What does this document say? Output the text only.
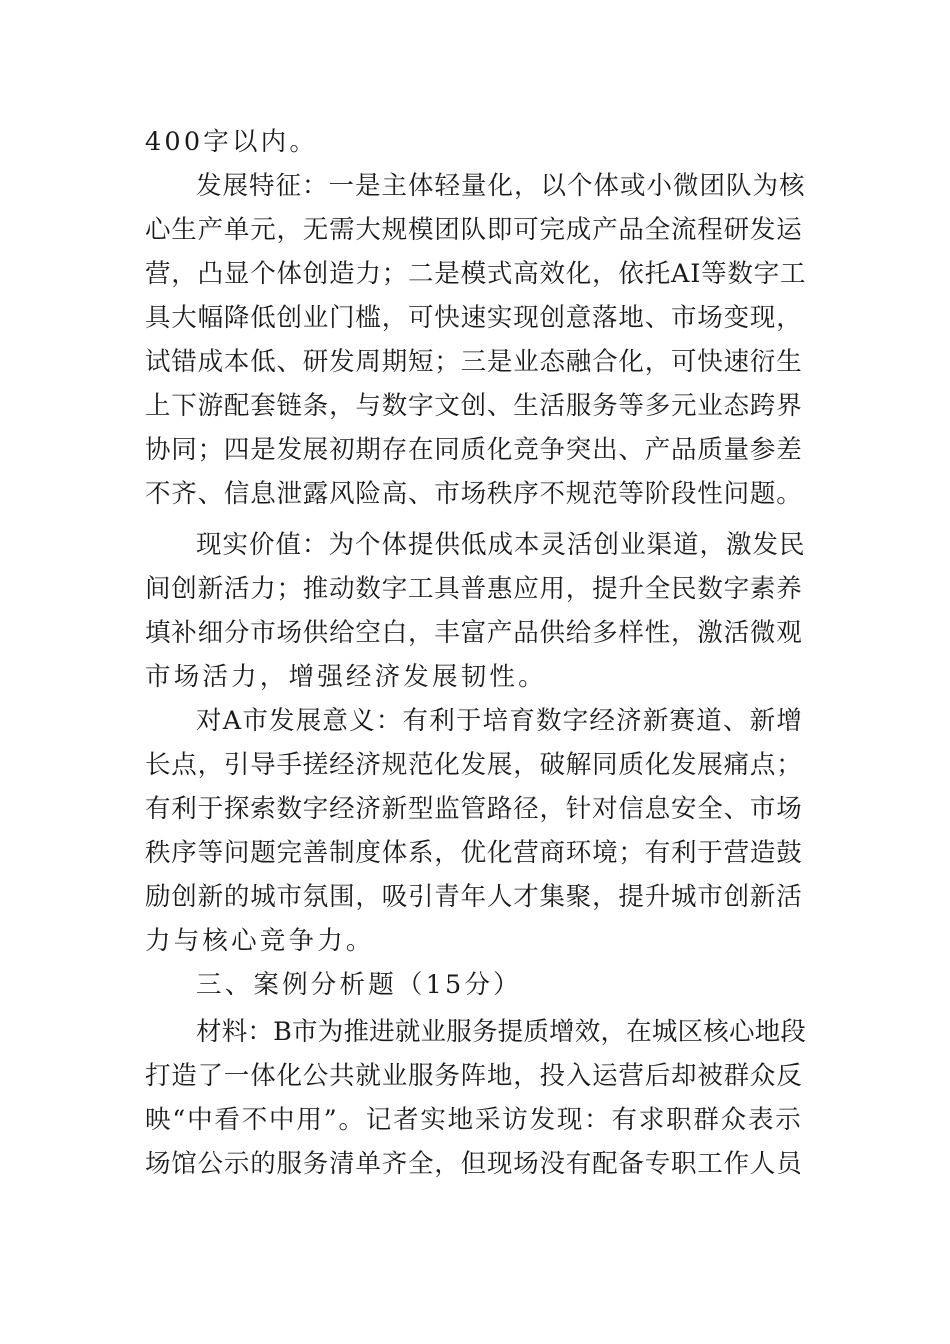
400字以内。
发展特征：一是主体轻量化，以个体或小微团队为核
心生产单元，无需大规模团队即可完成产品全流程研发运
营，凸显个体创造力；二是模式高效化，依托AI等数字工
具大幅降低创业门槛，可快速实现创意落地、市场变现，
试错成本低、研发周期短；三是业态融合化，可快速衍生
上下游配套链条，与数字文创、生活服务等多元业态跨界
协同；四是发展初期存在同质化竞争突出、产品质量参差
不齐、信息泄露风险高、市场秩序不规范等阶段性问题。
现实价值：为个体提供低成本灵活创业渠道，激发民
间创新活力；推动数字工具普惠应用，提升全民数字素养
填补细分市场供给空白，丰富产品供给多样性，激活微观
市场活力，增强经济发展韧性。
对A市发展意义：有利于培育数字经济新赛道、新增
长点，引导手搓经济规范化发展，破解同质化发展痛点；
有利于探索数字经济新型监管路径，针对信息安全、市场
秩序等问题完善制度体系，优化营商环境；有利于营造鼓
励创新的城市氛围，吸引青年人才集聚，提升城市创新活
力与核心竞争力。
三、案例分析题（15分）
材料：B市为推进就业服务提质增效，在城区核心地段
打造了一体化公共就业服务阵地，投入运营后却被群众反
映“中看不中用”。记者实地采访发现：有求职群众表示
场馆公示的服务清单齐全，但现场没有配备专职工作人员
